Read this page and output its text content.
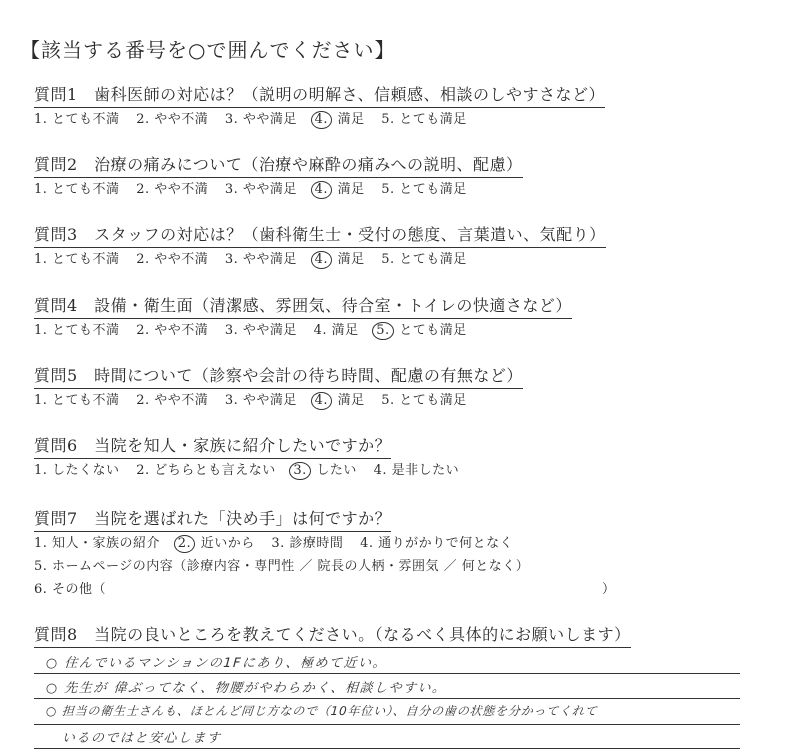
【該当する番号を○で囲んでください】
質問1　歯科医師の対応は？（説明の明解さ、信頼感、相談のしやすさなど）
1. とても不満 2. やや不満 3. やや満足 4. 満足 5. とても満足
質問2　治療の痛みについて（治療や麻酔の痛みへの説明、配慮）
1. とても不満 2. やや不満 3. やや満足 4. 満足 5. とても満足
質問3　スタッフの対応は？（歯科衛生士・受付の態度、言葉遣い、気配り）
1. とても不満 2. やや不満 3. やや満足 4. 満足 5. とても満足
質問4　設備・衛生面（清潔感、雰囲気、待合室・トイレの快適さなど）
1. とても不満 2. やや不満 3. やや満足 4. 満足 5. とても満足
質問5　時間について（診察や会計の待ち時間、配慮の有無など）
1. とても不満 2. やや不満 3. やや満足 4. 満足 5. とても満足
質問6　当院を知人・家族に紹介したいですか？
1. したくない 2. どちらとも言えない 3. したい 4. 是非したい
質問7　当院を選ばれた「決め手」は何ですか？
1. 知人・家族の紹介 2. 近いから 3. 診療時間 4. 通りがかりで何となく
5. ホームページの内容（診療内容・専門性 ／ 院長の人柄・雰囲気 ／ 何となく）
6. その他（	）
質問8　当院の良いところを教えてください。（なるべく具体的にお願いします）
○ 住んでいるマンションの1Fにあり、極めて近い。
○ 先生が 偉ぶってなく、物腰がやわらかく、相談しやすい。
○ 担当の衛生士さんも、ほとんど同じ方なので（10年位い）、自分の歯の状態を分かってくれて
いるのではと安心します
